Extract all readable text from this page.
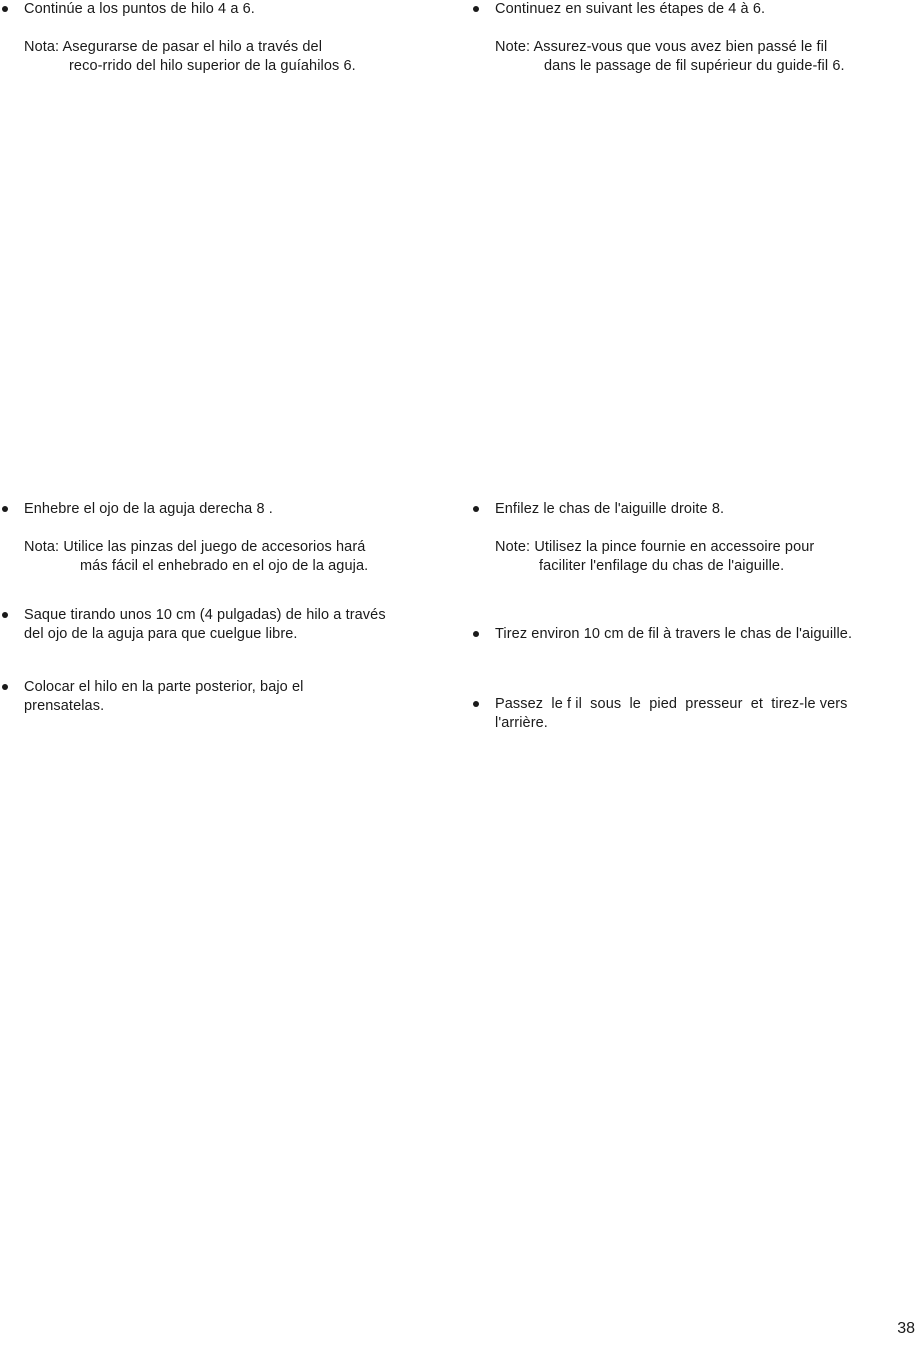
Continúe a los puntos de hilo 4 a 6.
Nota: Asegurarse de pasar el hilo a través del
reco-rrido del hilo superior de la guíahilos 6.
Enhebre el ojo de la aguja derecha 8 .
Nota: Utilice las pinzas del juego de accesorios hará
más fácil el enhebrado en el ojo de la aguja.
Saque tirando unos 10 cm (4 pulgadas) de hilo a través
del ojo de la aguja para que cuelgue libre.
Colocar el hilo en la parte posterior, bajo el
prensatelas.
Continuez en suivant les étapes de 4 à 6.
Note: Assurez-vous que vous avez bien passé le fil
dans le passage de fil supérieur du guide-fil 6.
Enfilez le chas de l'aiguille droite 8.
Note: Utilisez la pince fournie en accessoire pour
faciliter l'enfilage du chas de l'aiguille.
Tirez environ 10 cm de fil à travers le chas de l'aiguille.
Passez  le f il  sous  le  pied  presseur  et  tirez-le vers
l'arrière.
38
